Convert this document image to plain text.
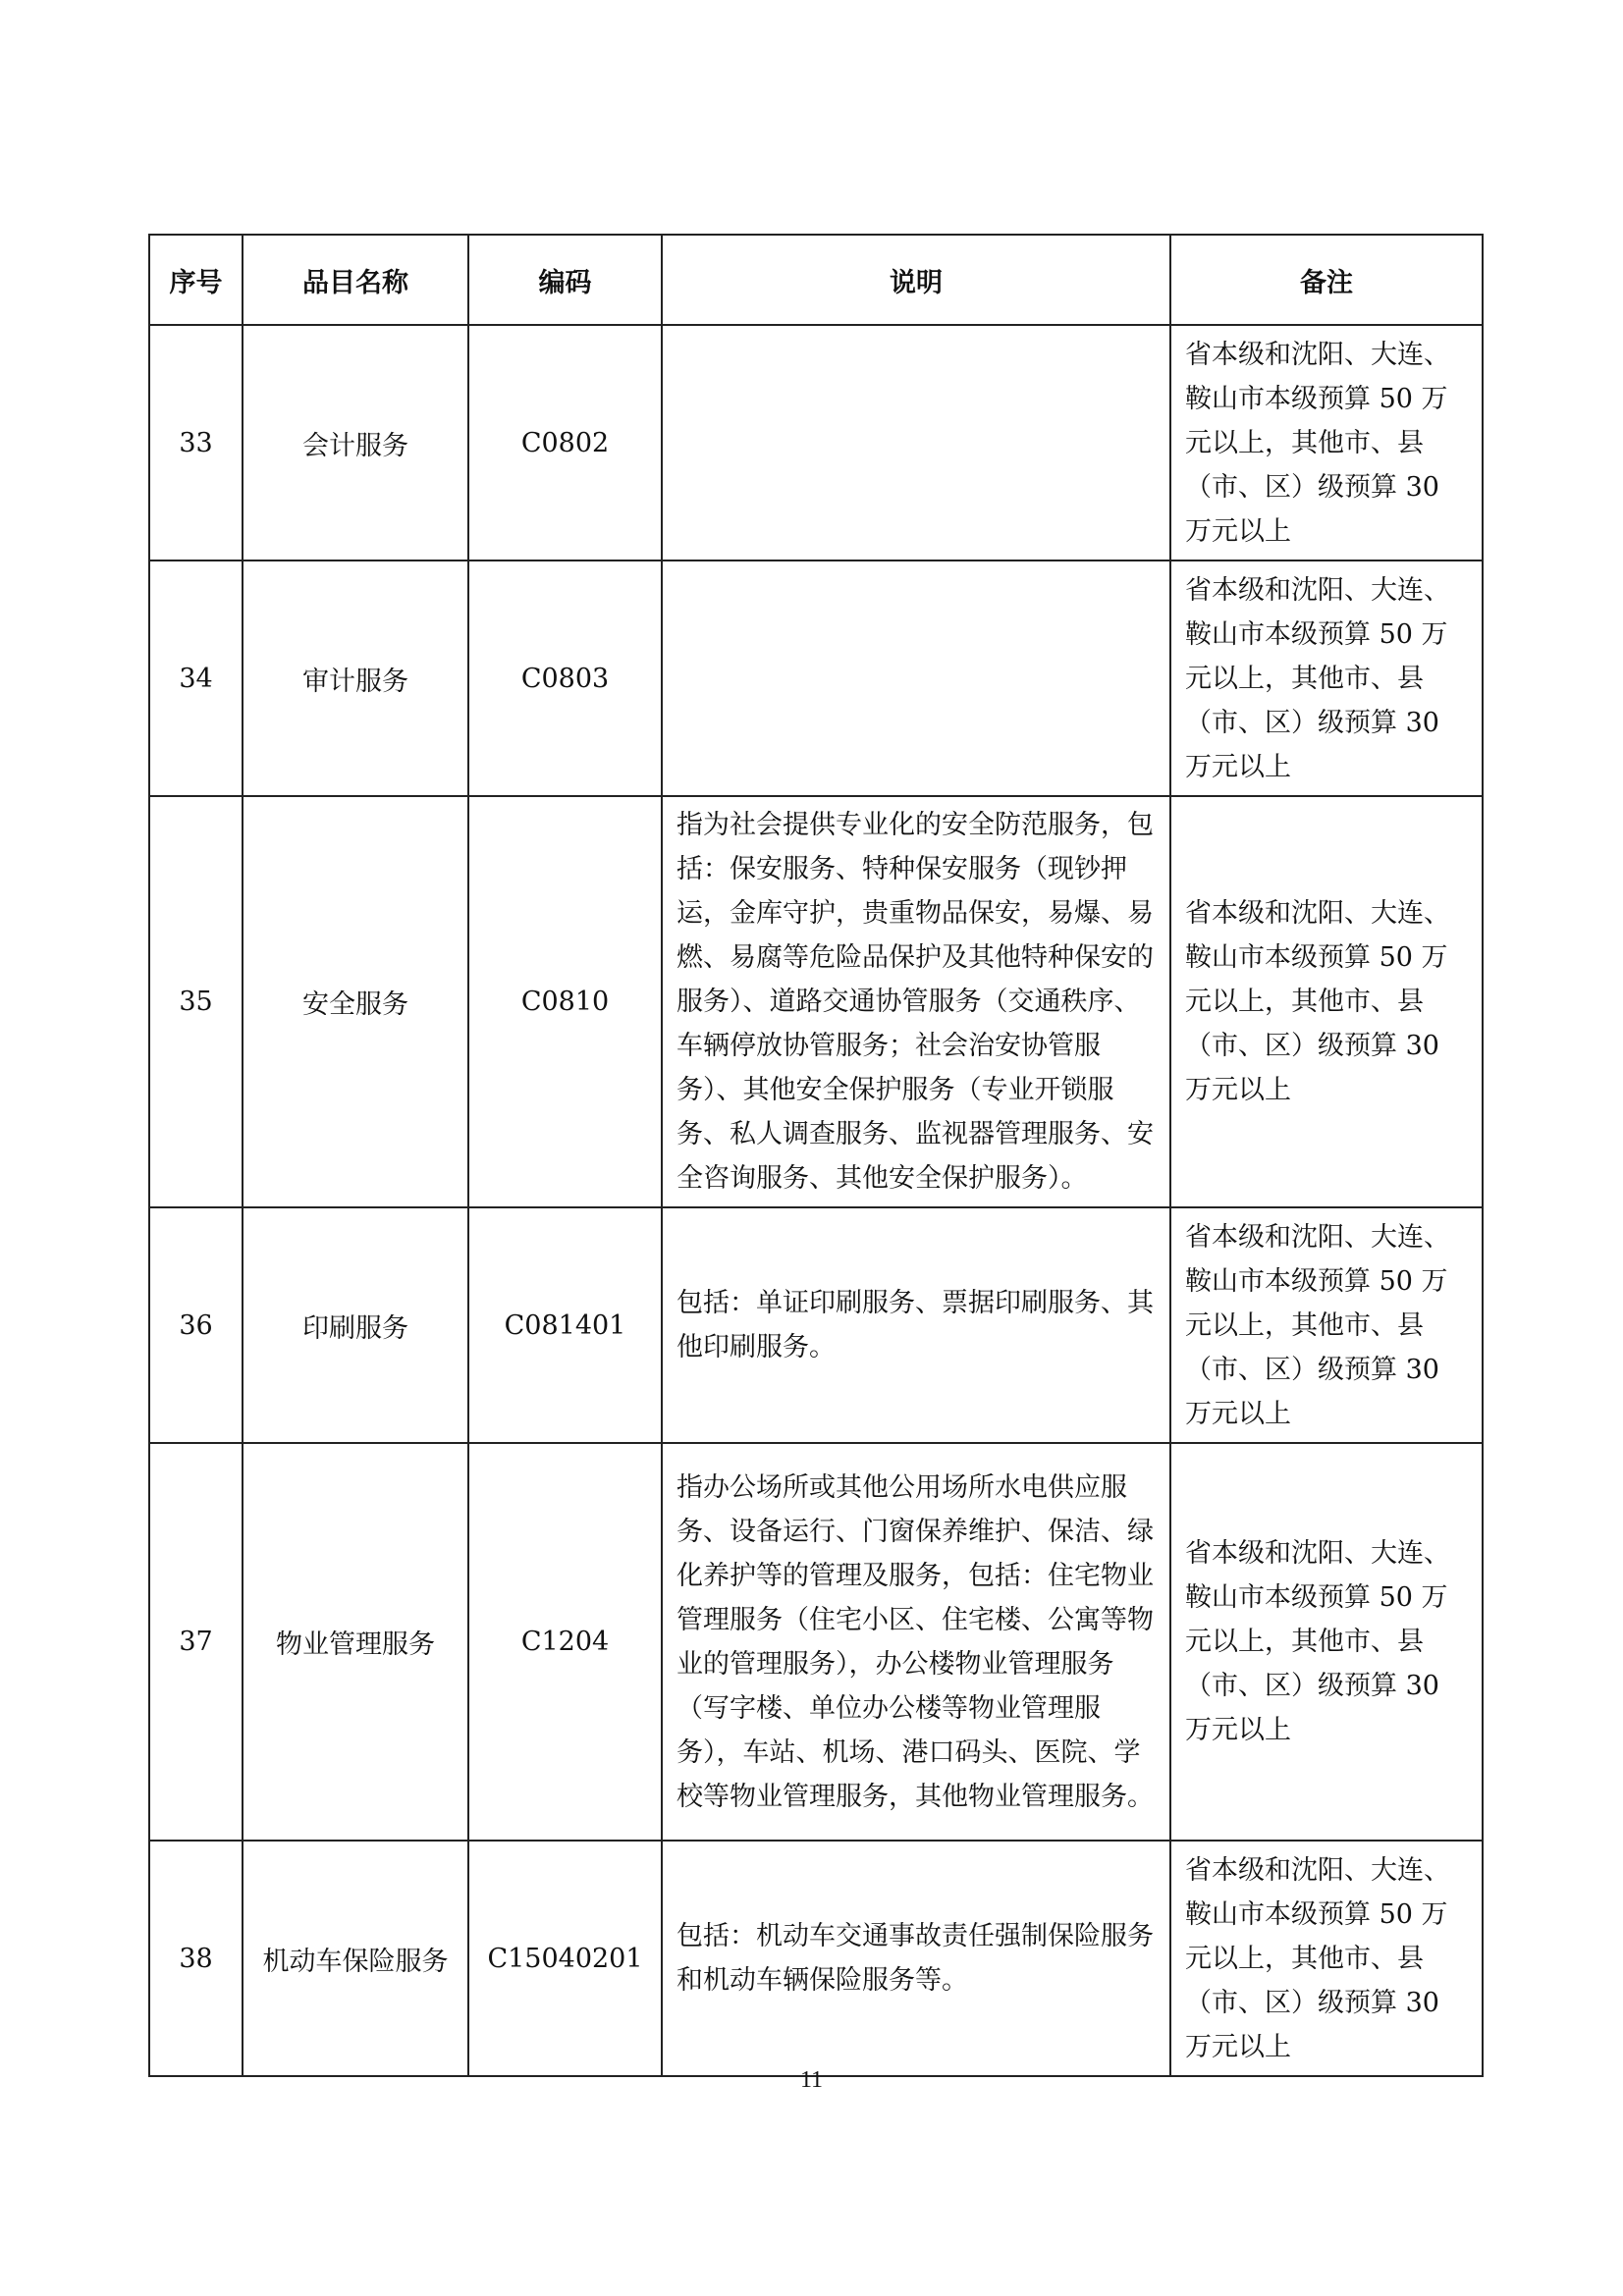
序号	品目名称	编码	说明	备注
33	会计服务	C0802		省本级和沈阳、大连、鞍山市本级预算 50 万元以上，其他市、县（市、区）级预算 30 万元以上
34	审计服务	C0803		省本级和沈阳、大连、鞍山市本级预算 50 万元以上，其他市、县（市、区）级预算 30 万元以上
35	安全服务	C0810	指为社会提供专业化的安全防范服务，包括：保安服务、特种保安服务（现钞押运，金库守护，贵重物品保安，易爆、易燃、易腐等危险品保护及其他特种保安的服务）、道路交通协管服务（交通秩序、车辆停放协管服务；社会治安协管服务）、其他安全保护服务（专业开锁服务、私人调查服务、监视器管理服务、安全咨询服务、其他安全保护服务）。	省本级和沈阳、大连、鞍山市本级预算 50 万元以上，其他市、县（市、区）级预算 30 万元以上
36	印刷服务	C081401	包括：单证印刷服务、票据印刷服务、其他印刷服务。	省本级和沈阳、大连、鞍山市本级预算 50 万元以上，其他市、县（市、区）级预算 30 万元以上
37	物业管理服务	C1204	指办公场所或其他公用场所水电供应服务、设备运行、门窗保养维护、保洁、绿化养护等的管理及服务，包括：住宅物业管理服务（住宅小区、住宅楼、公寓等物业的管理服务），办公楼物业管理服务（写字楼、单位办公楼等物业管理服务），车站、机场、港口码头、医院、学校等物业管理服务，其他物业管理服务。	省本级和沈阳、大连、鞍山市本级预算 50 万元以上，其他市、县（市、区）级预算 30 万元以上
38	机动车保险服务	C15040201	包括：机动车交通事故责任强制保险服务和机动车辆保险服务等。	省本级和沈阳、大连、鞍山市本级预算 50 万元以上，其他市、县（市、区）级预算 30 万元以上
11
